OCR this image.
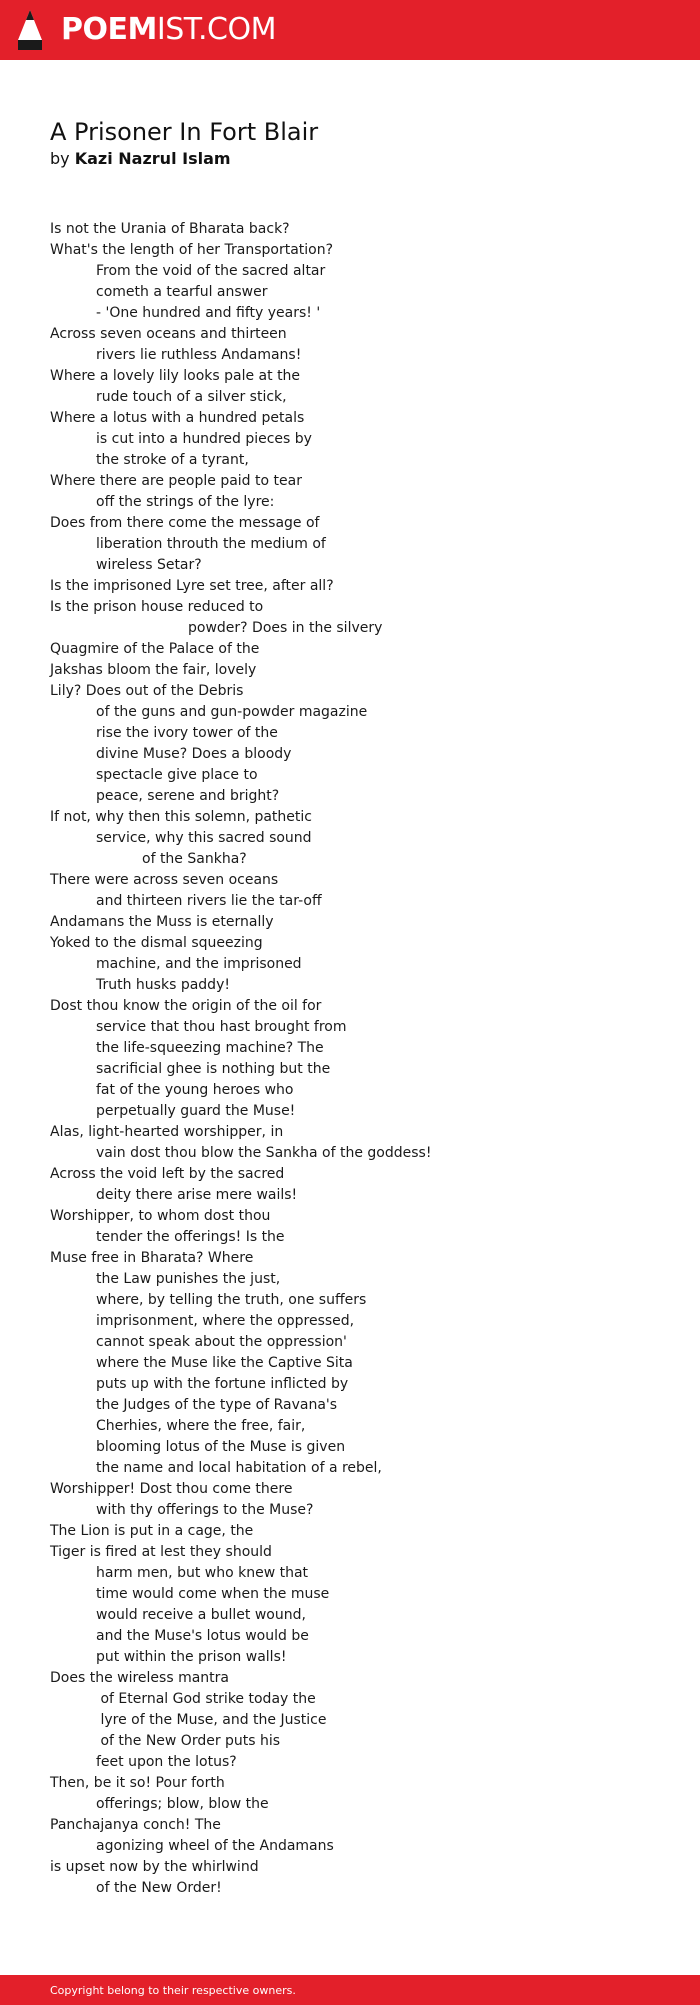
POEMIST.COM
A Prisoner In Fort Blair
by Kazi Nazrul Islam
Is not the Urania of Bharata back?
What's the length of her Transportation?
From the void of the sacred altar
cometh a tearful answer
- 'One hundred and fifty years! '
Across seven oceans and thirteen
rivers lie ruthless Andamans!
Where a lovely lily looks pale at the
rude touch of a silver stick,
Where a lotus with a hundred petals
is cut into a hundred pieces by
the stroke of a tyrant,
Where there are people paid to tear
off the strings of the lyre:
Does from there come the message of
liberation throuth the medium of
wireless Setar?
Is the imprisoned Lyre set tree, after all?
Is the prison house reduced to
powder? Does in the silvery
Quagmire of the Palace of the
Jakshas bloom the fair, lovely
Lily? Does out of the Debris
of the guns and gun-powder magazine
rise the ivory tower of the
divine Muse? Does a bloody
spectacle give place to
peace, serene and bright?
If not, why then this solemn, pathetic
service, why this sacred sound
of the Sankha?
There were across seven oceans
and thirteen rivers lie the tar-off
Andamans the Muss is eternally
Yoked to the dismal squeezing
machine, and the imprisoned
Truth husks paddy!
Dost thou know the origin of the oil for
service that thou hast brought from
the life-squeezing machine? The
sacrificial ghee is nothing but the
fat of the young heroes who
perpetually guard the Muse!
Alas, light-hearted worshipper, in
vain dost thou blow the Sankha of the goddess!
Across the void left by the sacred
deity there arise mere wails!
Worshipper, to whom dost thou
tender the offerings! Is the
Muse free in Bharata? Where
the Law punishes the just,
where, by telling the truth, one suffers
imprisonment, where the oppressed,
cannot speak about the oppression'
where the Muse like the Captive Sita
puts up with the fortune inflicted by
the Judges of the type of Ravana's
Cherhies, where the free, fair,
blooming lotus of the Muse is given
the name and local habitation of a rebel,
Worshipper! Dost thou come there
with thy offerings to the Muse?
The Lion is put in a cage, the
Tiger is fired at lest they should
harm men, but who knew that
time would come when the muse
would receive a bullet wound,
and the Muse's lotus would be
put within the prison walls!
Does the wireless mantra
of Eternal God strike today the
lyre of the Muse, and the Justice
of the New Order puts his
feet upon the lotus?
Then, be it so! Pour forth
offerings; blow, blow the
Panchajanya conch! The
agonizing wheel of the Andamans
is upset now by the whirlwind
of the New Order!
Copyright belong to their respective owners.
